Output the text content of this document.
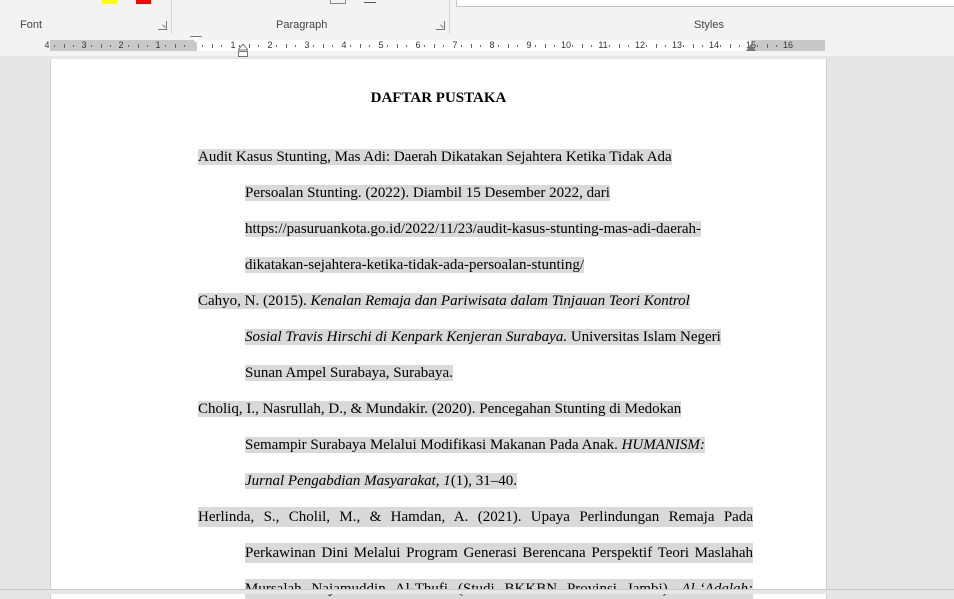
Font	Paragraph	Styles
4	3	2	1	1	2	3	4	5	6	7	8	9	10	11	12	13	14	15	16
DAFTAR PUSTAKA
Audit Kasus Stunting, Mas Adi: Daerah Dikatakan Sejahtera Ketika Tidak Ada
Persoalan Stunting. (2022). Diambil 15 Desember 2022, dari
https://pasuruankota.go.id/2022/11/23/audit-kasus-stunting-mas-adi-daerah-
dikatakan-sejahtera-ketika-tidak-ada-persoalan-stunting/
Cahyo, N. (2015). Kenalan Remaja dan Pariwisata dalam Tinjauan Teori Kontrol
Sosial Travis Hirschi di Kenpark Kenjeran Surabaya. Universitas Islam Negeri
Sunan Ampel Surabaya, Surabaya.
Choliq, I., Nasrullah, D., & Mundakir. (2020). Pencegahan Stunting di Medokan
Semampir Surabaya Melalui Modifikasi Makanan Pada Anak. HUMANISM:
Jurnal Pengabdian Masyarakat, 1(1), 31–40.
Herlinda, S., Cholil, M., & Hamdan, A. (2021). Upaya Perlindungan Remaja Pada
Perkawinan Dini Melalui Program Generasi Berencana Perspektif Teori Maslahah
